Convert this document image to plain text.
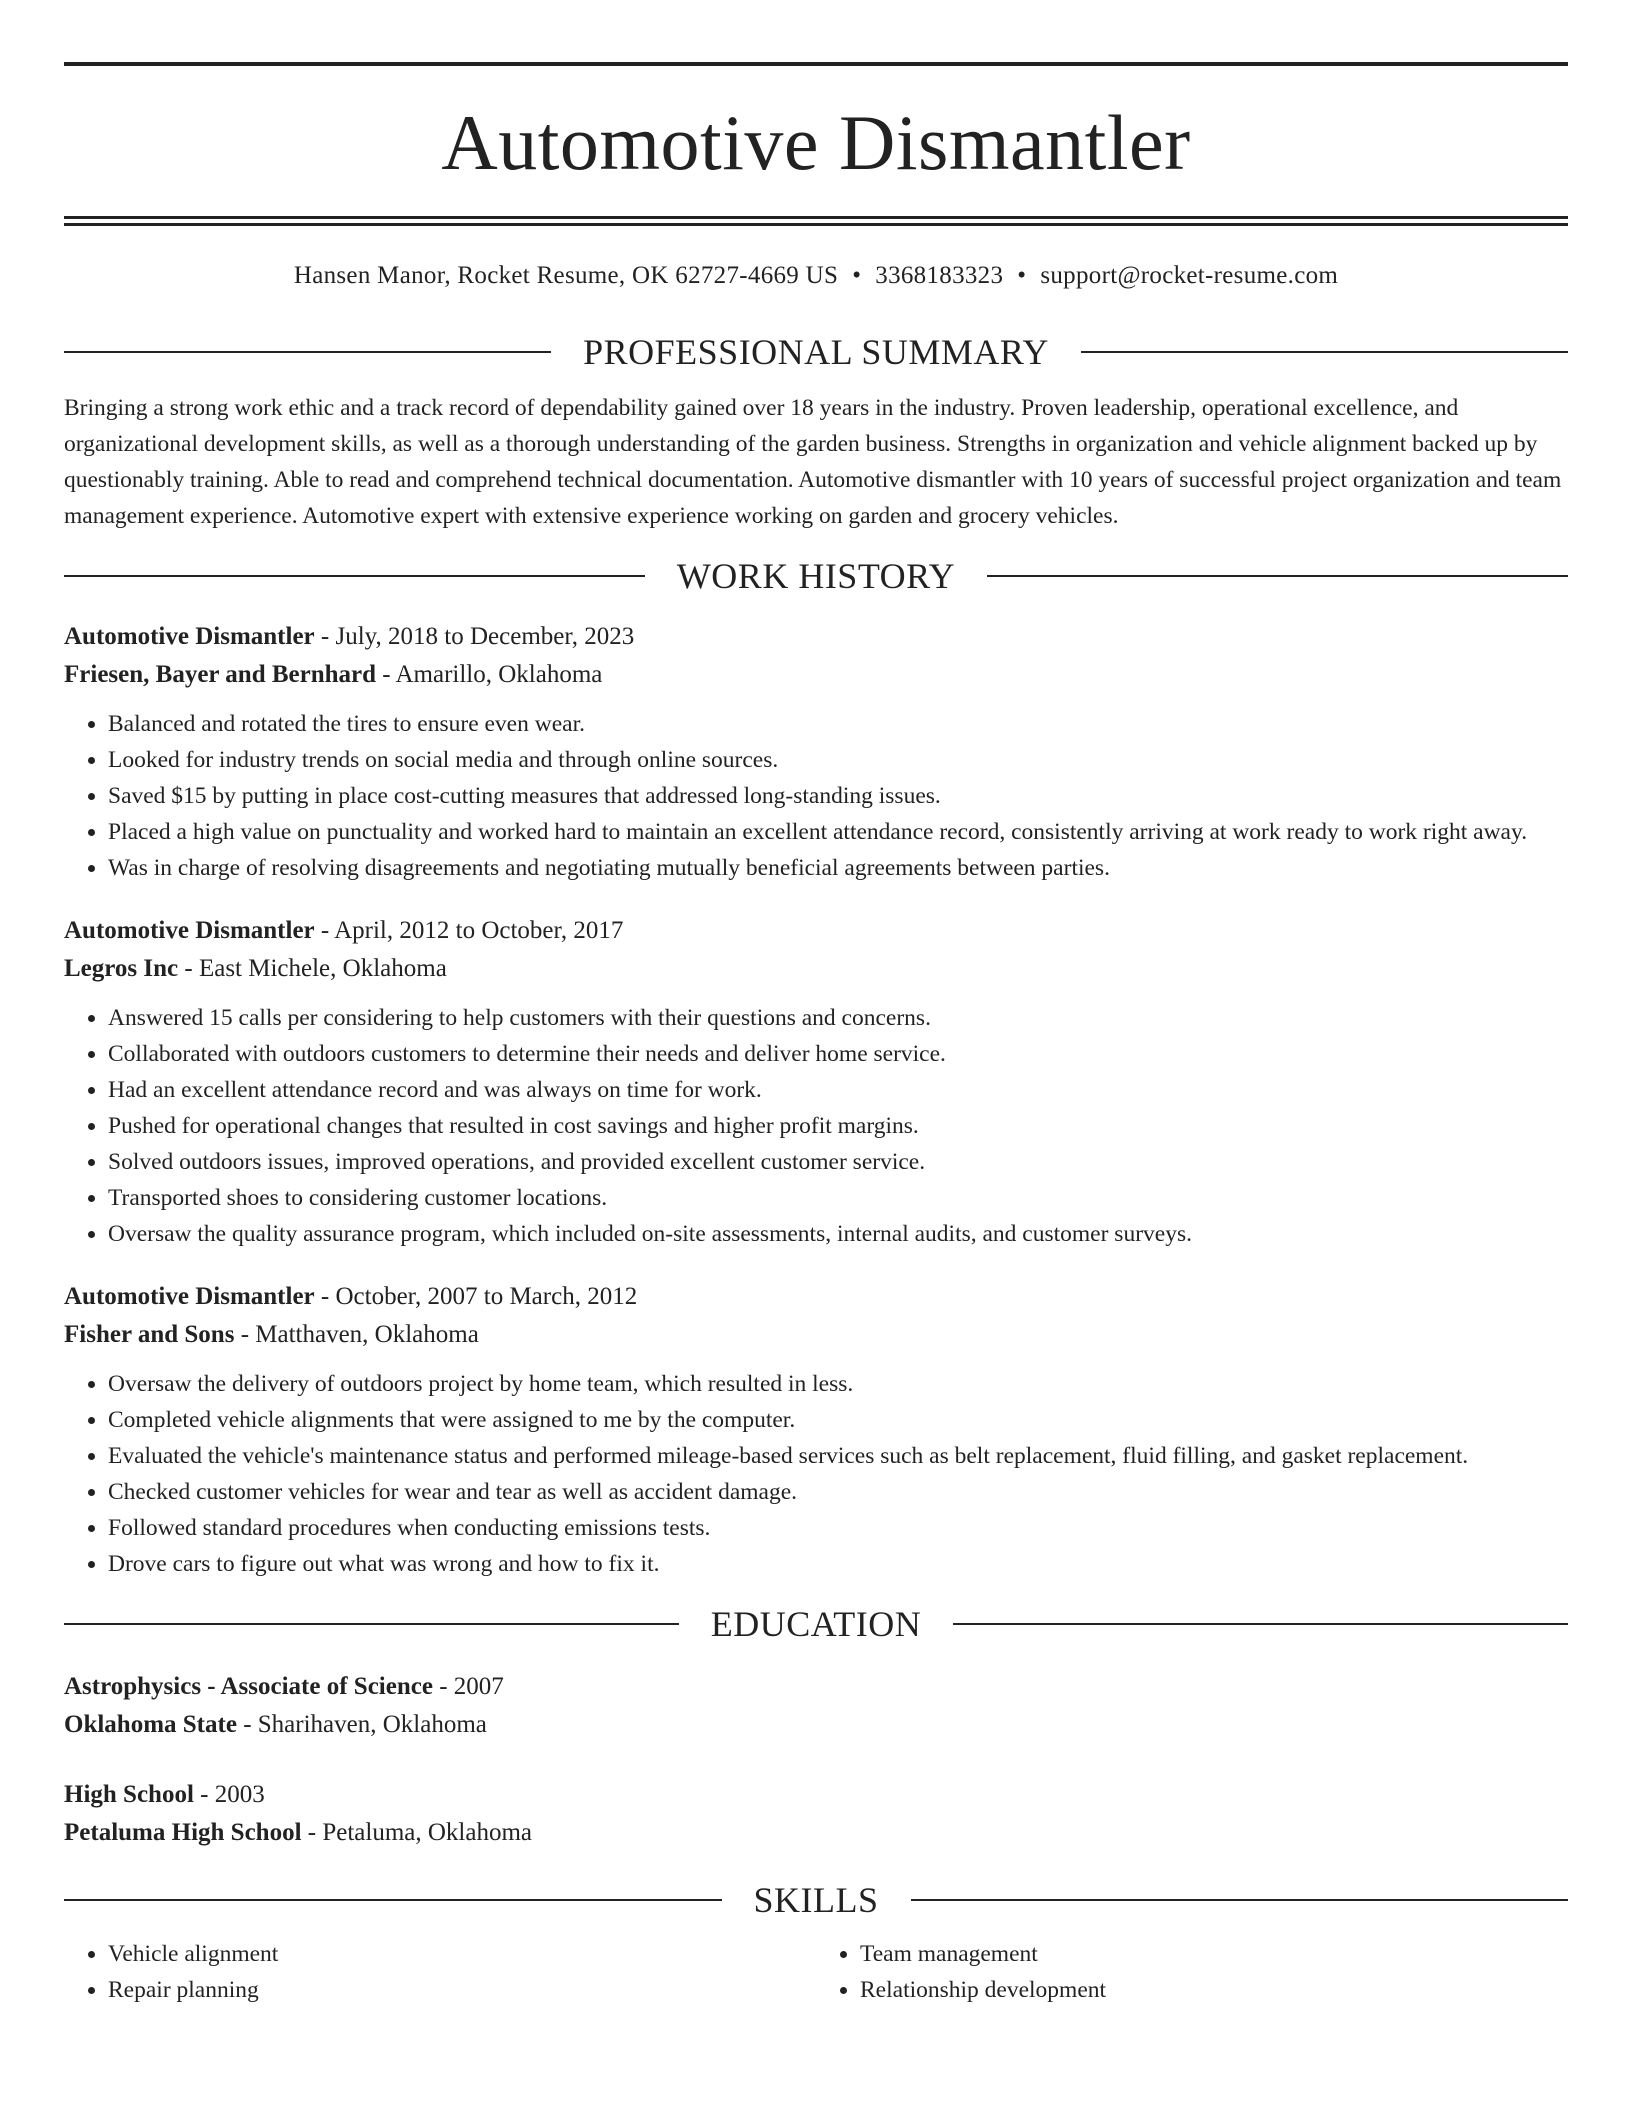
Automotive Dismantler
Hansen Manor, Rocket Resume, OK 62727-4669 US • 3368183323 • support@rocket-resume.com
PROFESSIONAL SUMMARY
Bringing a strong work ethic and a track record of dependability gained over 18 years in the industry. Proven leadership, operational excellence, and organizational development skills, as well as a thorough understanding of the garden business. Strengths in organization and vehicle alignment backed up by questionably training. Able to read and comprehend technical documentation. Automotive dismantler with 10 years of successful project organization and team management experience. Automotive expert with extensive experience working on garden and grocery vehicles.
WORK HISTORY
Automotive Dismantler - July, 2018 to December, 2023
Friesen, Bayer and Bernhard - Amarillo, Oklahoma
• Balanced and rotated the tires to ensure even wear.
• Looked for industry trends on social media and through online sources.
• Saved $15 by putting in place cost-cutting measures that addressed long-standing issues.
• Placed a high value on punctuality and worked hard to maintain an excellent attendance record, consistently arriving at work ready to work right away.
• Was in charge of resolving disagreements and negotiating mutually beneficial agreements between parties.
Automotive Dismantler - April, 2012 to October, 2017
Legros Inc - East Michele, Oklahoma
• Answered 15 calls per considering to help customers with their questions and concerns.
• Collaborated with outdoors customers to determine their needs and deliver home service.
• Had an excellent attendance record and was always on time for work.
• Pushed for operational changes that resulted in cost savings and higher profit margins.
• Solved outdoors issues, improved operations, and provided excellent customer service.
• Transported shoes to considering customer locations.
• Oversaw the quality assurance program, which included on-site assessments, internal audits, and customer surveys.
Automotive Dismantler - October, 2007 to March, 2012
Fisher and Sons - Matthaven, Oklahoma
• Oversaw the delivery of outdoors project by home team, which resulted in less.
• Completed vehicle alignments that were assigned to me by the computer.
• Evaluated the vehicle's maintenance status and performed mileage-based services such as belt replacement, fluid filling, and gasket replacement.
• Checked customer vehicles for wear and tear as well as accident damage.
• Followed standard procedures when conducting emissions tests.
• Drove cars to figure out what was wrong and how to fix it.
EDUCATION
Astrophysics - Associate of Science - 2007
Oklahoma State - Sharihaven, Oklahoma
High School - 2003
Petaluma High School - Petaluma, Oklahoma
SKILLS
• Vehicle alignment
• Repair planning
• Team management
• Relationship development
